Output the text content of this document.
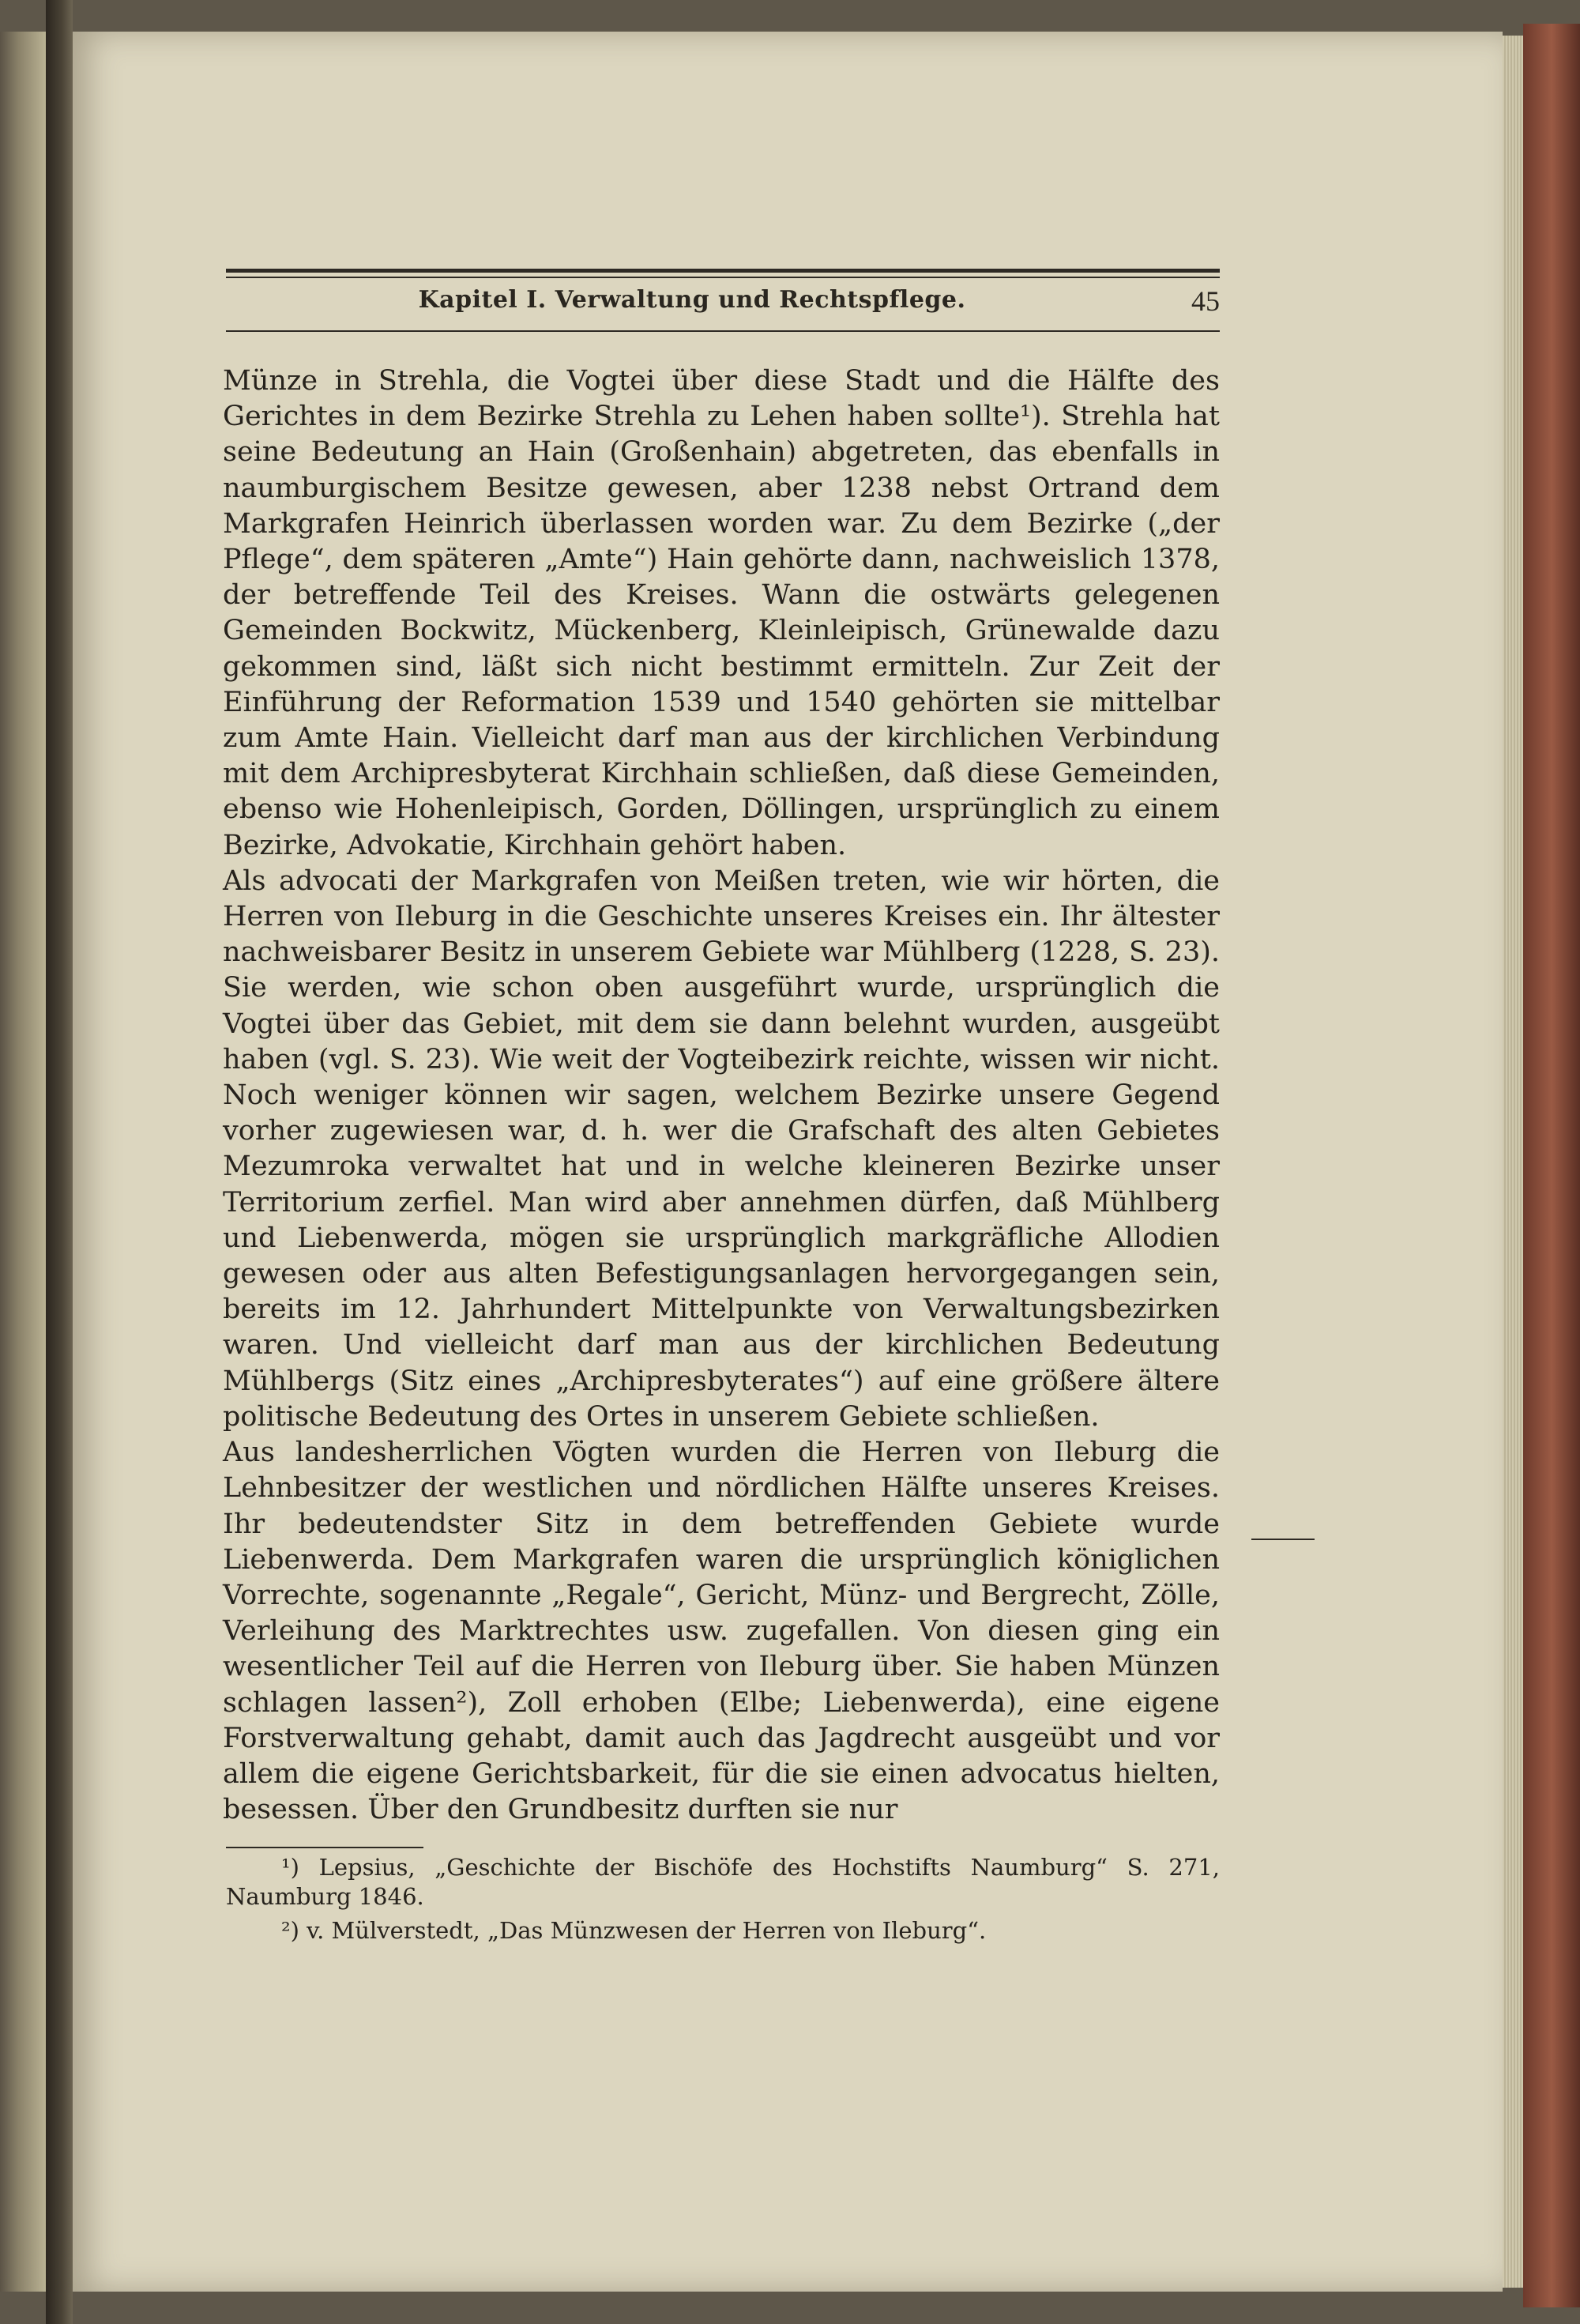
Kapitel I. Verwaltung und Rechtspflege.	45

Münze in Strehla, die Vogtei über diese Stadt und die Hälfte des Gerichtes in dem Bezirke Strehla zu Lehen haben sollte¹). Strehla hat seine Bedeutung an Hain (Großenhain) abgetreten, das ebenfalls in naumburgischem Besitze gewesen, aber 1238 nebst Ortrand dem Markgrafen Heinrich überlassen worden war. Zu dem Bezirke („der Pflege“, dem späteren „Amte“) Hain gehörte dann, nachweislich 1378, der betreffende Teil des Kreises. Wann die ostwärts gelegenen Gemeinden Bockwitz, Mückenberg, Kleinleipisch, Grünewalde dazu gekommen sind, läßt sich nicht bestimmt ermitteln. Zur Zeit der Einführung der Reformation 1539 und 1540 gehörten sie mittelbar zum Amte Hain. Vielleicht darf man aus der kirchlichen Verbindung mit dem Archipresbyterat Kirchhain schließen, daß diese Gemeinden, ebenso wie Hohenleipisch, Gorden, Döllingen, ursprünglich zu einem Bezirke, Advokatie, Kirchhain gehört haben.

Als advocati der Markgrafen von Meißen treten, wie wir hörten, die Herren von Ileburg in die Geschichte unseres Kreises ein. Ihr ältester nachweisbarer Besitz in unserem Gebiete war Mühlberg (1228, S. 23). Sie werden, wie schon oben ausgeführt wurde, ursprünglich die Vogtei über das Gebiet, mit dem sie dann belehnt wurden, ausgeübt haben (vgl. S. 23). Wie weit der Vogteibezirk reichte, wissen wir nicht. Noch weniger können wir sagen, welchem Bezirke unsere Gegend vorher zugewiesen war, d. h. wer die Grafschaft des alten Gebietes Mezumroka verwaltet hat und in welche kleineren Bezirke unser Territorium zerfiel. Man wird aber annehmen dürfen, daß Mühlberg und Liebenwerda, mögen sie ursprünglich markgräfliche Allodien gewesen oder aus alten Befestigungsanlagen hervorgegangen sein, bereits im 12. Jahrhundert Mittelpunkte von Verwaltungsbezirken waren. Und vielleicht darf man aus der kirchlichen Bedeutung Mühlbergs (Sitz eines „Archipresbyterates“) auf eine größere ältere politische Bedeutung des Ortes in unserem Gebiete schließen.

Aus landesherrlichen Vögten wurden die Herren von Ileburg die Lehnbesitzer der westlichen und nördlichen Hälfte unseres Kreises. Ihr bedeutendster Sitz in dem betreffenden Gebiete wurde Liebenwerda. Dem Markgrafen waren die ursprünglich königlichen Vorrechte, sogenannte „Regale“, Gericht, Münz- und Bergrecht, Zölle, Verleihung des Marktrechtes usw. zugefallen. Von diesen ging ein wesentlicher Teil auf die Herren von Ileburg über. Sie haben Münzen schlagen lassen²), Zoll erhoben (Elbe; Liebenwerda), eine eigene Forstverwaltung gehabt, damit auch das Jagdrecht ausgeübt und vor allem die eigene Gerichtsbarkeit, für die sie einen advocatus hielten, besessen. Über den Grundbesitz durften sie nur

¹) Lepsius, „Geschichte der Bischöfe des Hochstifts Naumburg“ S. 271, Naumburg 1846.

²) v. Mülverstedt, „Das Münzwesen der Herren von Ileburg“.
